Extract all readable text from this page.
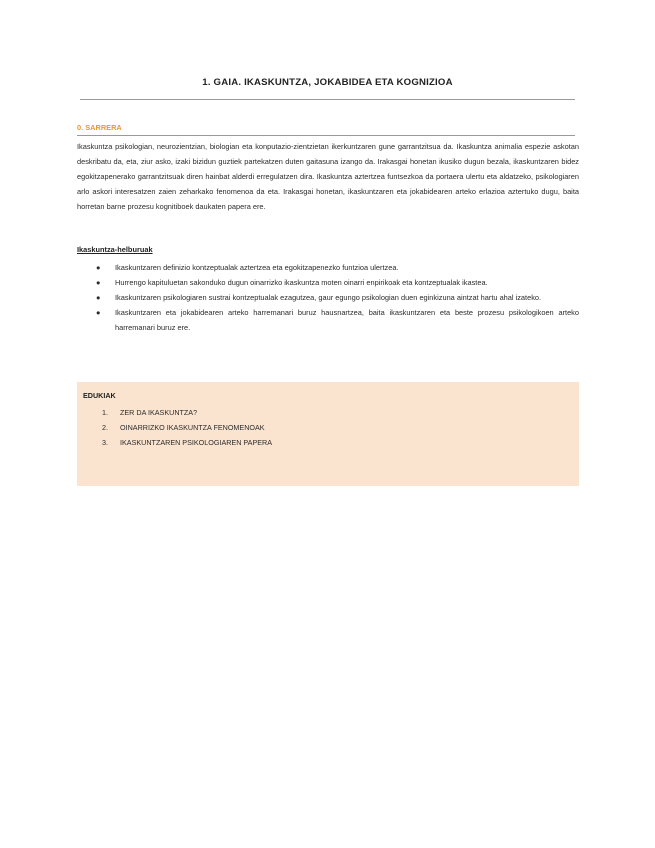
1. GAIA. IKASKUNTZA, JOKABIDEA ETA KOGNIZIOA
0. SARRERA

Ikaskuntza psikologian, neurozientzian, biologian eta konputazio-zientzietan ikerkuntzaren gune garrantzitsua da. Ikaskuntza animalia espezie askotan deskribatu da, eta, ziur asko, izaki bizidun guztiek partekatzen duten gaitasuna izango da. Irakasgai honetan ikusiko dugun bezala, ikaskuntzaren bidez egokitzapenerako garrantzitsuak diren hainbat alderdi erregulatzen dira. Ikaskuntza aztertzea funtsezkoa da portaera ulertu eta aldatzeko, psikologiaren arlo askori interesatzen zaien zeharkako fenomenoa da eta. Irakasgai honetan, ikaskuntzaren eta jokabidearen arteko erlazioa aztertuko dugu, baita horretan barne prozesu kognitiboek daukaten papera ere.

Ikaskuntza-helburuak
● Ikaskuntzaren definizio kontzeptualak aztertzea eta egokitzapenezko funtzioa ulertzea.
● Hurrengo kapituluetan sakonduko dugun oinarrizko ikaskuntza moten oinarri enpirikoak eta kontzeptualak ikastea.
● Ikaskuntzaren psikologiaren sustrai kontzeptualak ezagutzea, gaur egungo psikologian duen eginkizuna aintzat hartu ahal izateko.
● Ikaskuntzaren eta jokabidearen arteko harremanari buruz hausnartzea, baita ikaskuntzaren eta beste prozesu psikologikoen arteko harremanari buruz ere.
EDUKIAK
1. ZER DA IKASKUNTZA?
2. OINARRIZKO IKASKUNTZA FENOMENOAK
3. IKASKUNTZAREN PSIKOLOGIAREN PAPERA
